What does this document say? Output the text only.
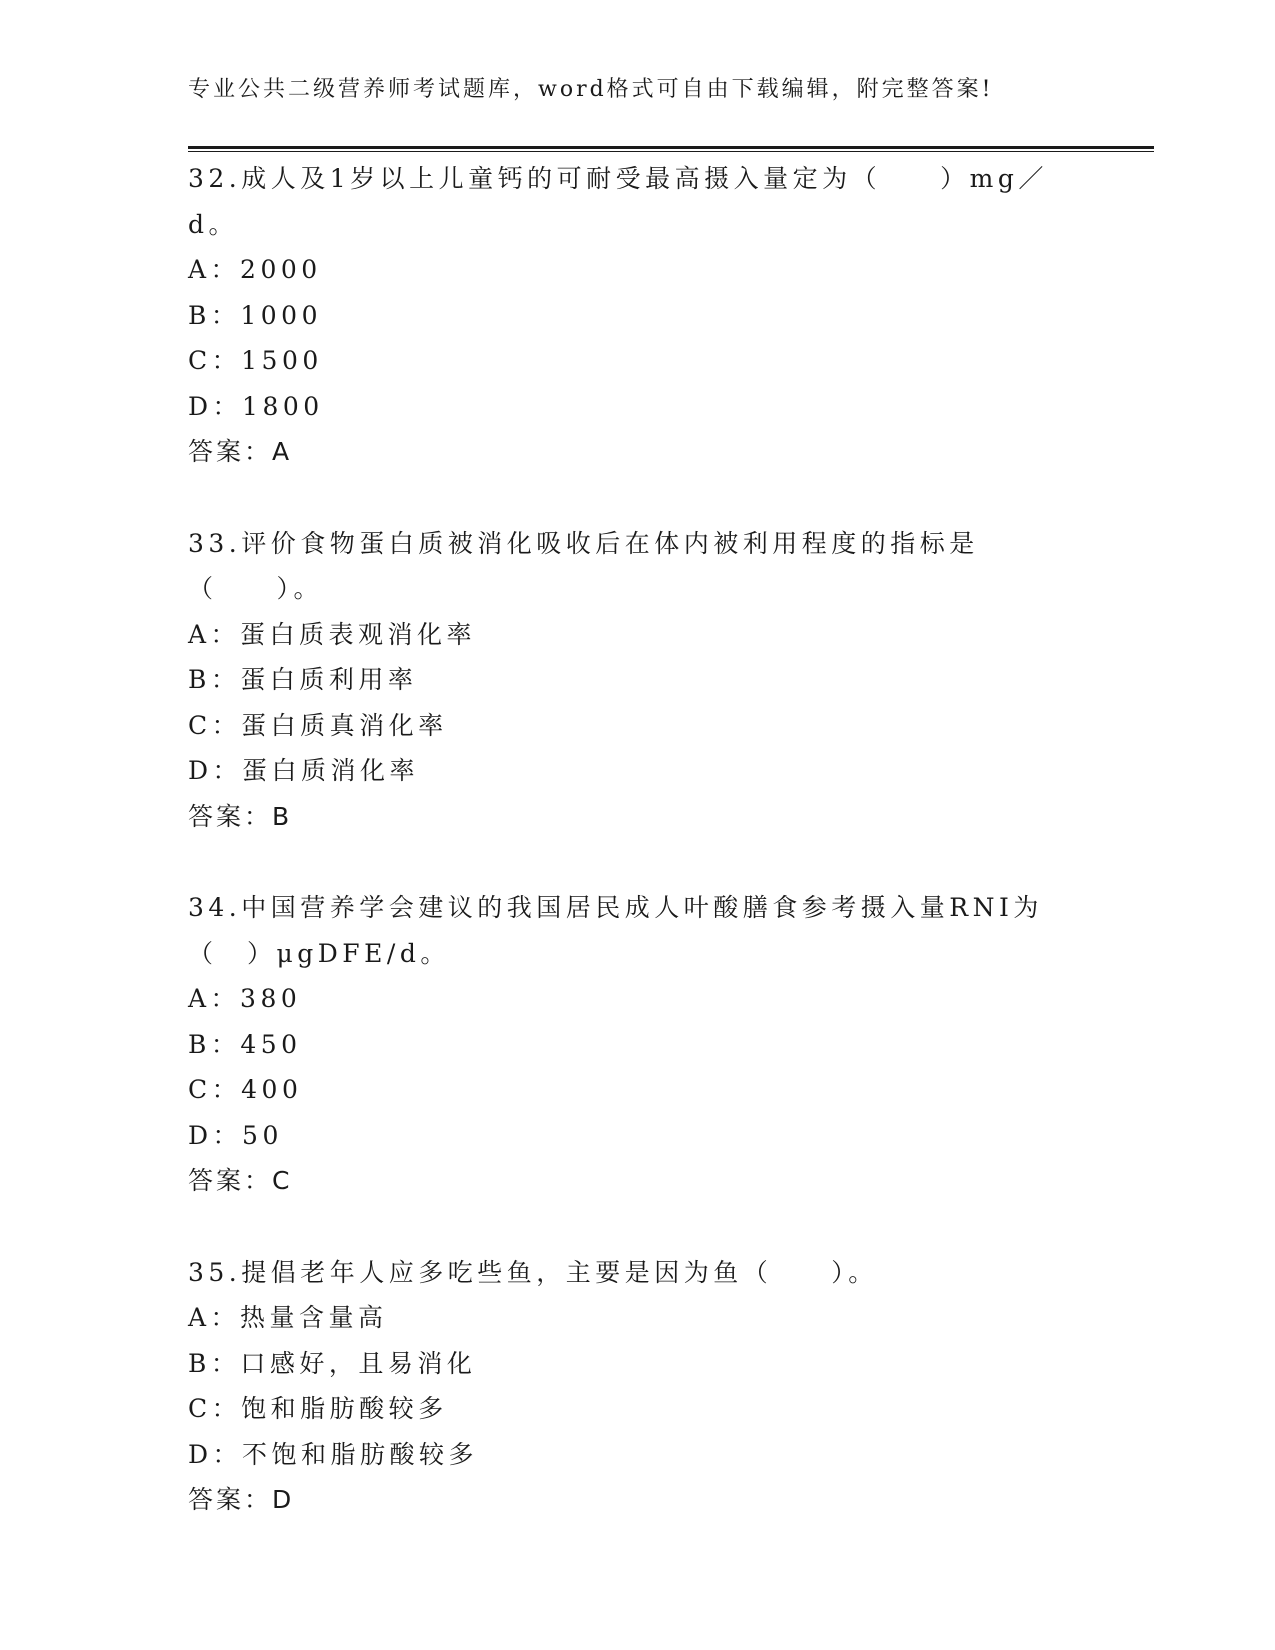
专业公共二级营养师考试题库，word格式可自由下载编辑，附完整答案!

32.成人及1岁以上儿童钙的可耐受最高摄入量定为（　　）mg／d。

A：2000

B：1000

C：1500

D：1800

答案：A

33.评价食物蛋白质被消化吸收后在体内被利用程度的指标是（　　）。

A：蛋白质表观消化率

B：蛋白质利用率

C：蛋白质真消化率

D：蛋白质消化率

答案：B

34.中国营养学会建议的我国居民成人叶酸膳食参考摄入量RNI为（　）μgDFE/d。

A：380

B：450

C：400

D：50

答案：C

35.提倡老年人应多吃些鱼，主要是因为鱼（　　）。

A：热量含量高

B：口感好，且易消化

C：饱和脂肪酸较多

D：不饱和脂肪酸较多

答案：D
